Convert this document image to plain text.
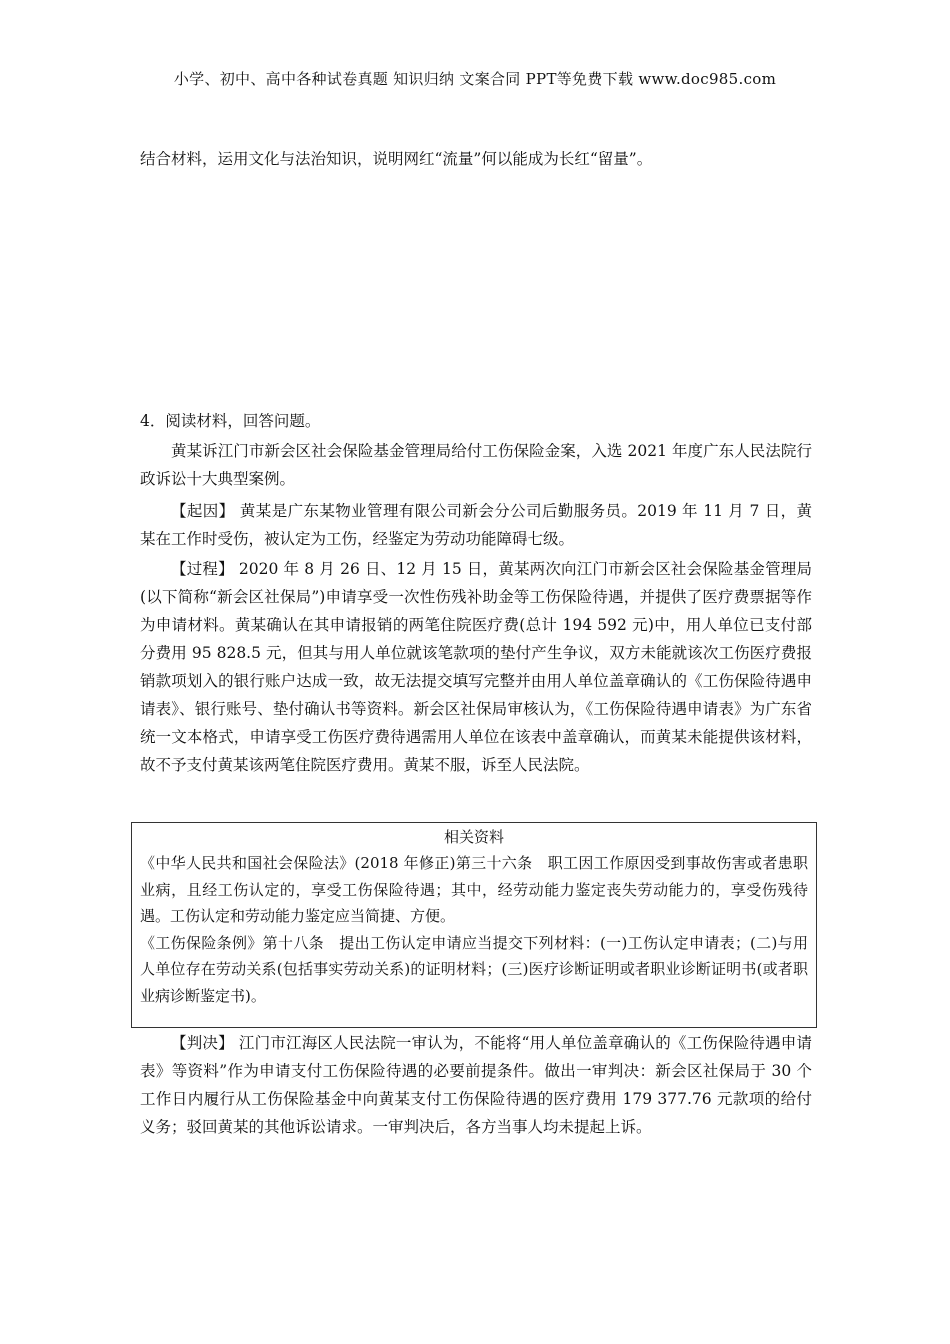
小学、初中、高中各种试卷真题 知识归纳 文案合同 PPT等免费下载 www.doc985.com
结合材料，运用文化与法治知识，说明网红“流量”何以能成为长红“留量”。
4．阅读材料，回答问题。
黄某诉江门市新会区社会保险基金管理局给付工伤保险金案，入选 2021 年度广东人民法院行政诉讼十大典型案例。
【起因】 黄某是广东某物业管理有限公司新会分公司后勤服务员。2019 年 11 月 7 日，黄某在工作时受伤，被认定为工伤，经鉴定为劳动功能障碍七级。
【过程】 2020 年 8 月 26 日、12 月 15 日，黄某两次向江门市新会区社会保险基金管理局(以下简称“新会区社保局”)申请享受一次性伤残补助金等工伤保险待遇，并提供了医疗费票据等作为申请材料。黄某确认在其申请报销的两笔住院医疗费(总计 194 592 元)中，用人单位已支付部分费用 95 828.5 元，但其与用人单位就该笔款项的垫付产生争议，双方未能就该次工伤医疗费报销款项划入的银行账户达成一致，故无法提交填写完整并由用人单位盖章确认的《工伤保险待遇申请表》、银行账号、垫付确认书等资料。新会区社保局审核认为，《工伤保险待遇申请表》为广东省统一文本格式，申请享受工伤医疗费待遇需用人单位在该表中盖章确认，而黄某未能提供该材料，故不予支付黄某该两笔住院医疗费用。黄某不服，诉至人民法院。
相关资料

《中华人民共和国社会保险法》(2018 年修正)第三十六条　职工因工作原因受到事故伤害或者患职业病，且经工伤认定的，享受工伤保险待遇；其中，经劳动能力鉴定丧失劳动能力的，享受伤残待遇。工伤认定和劳动能力鉴定应当简捷、方便。

《工伤保险条例》第十八条　提出工伤认定申请应当提交下列材料：(一)工伤认定申请表；(二)与用人单位存在劳动关系(包括事实劳动关系)的证明材料；(三)医疗诊断证明或者职业诊断证明书(或者职业病诊断鉴定书)。

【判决】 江门市江海区人民法院一审认为，不能将“用人单位盖章确认的《工伤保险待遇申请表》等资料”作为申请支付工伤保险待遇的必要前提条件。做出一审判决：新会区社保局于 30 个工作日内履行从工伤保险基金中向黄某支付工伤保险待遇的医疗费用 179 377.76 元款项的给付义务；驳回黄某的其他诉讼请求。一审判决后，各方当事人均未提起上诉。
